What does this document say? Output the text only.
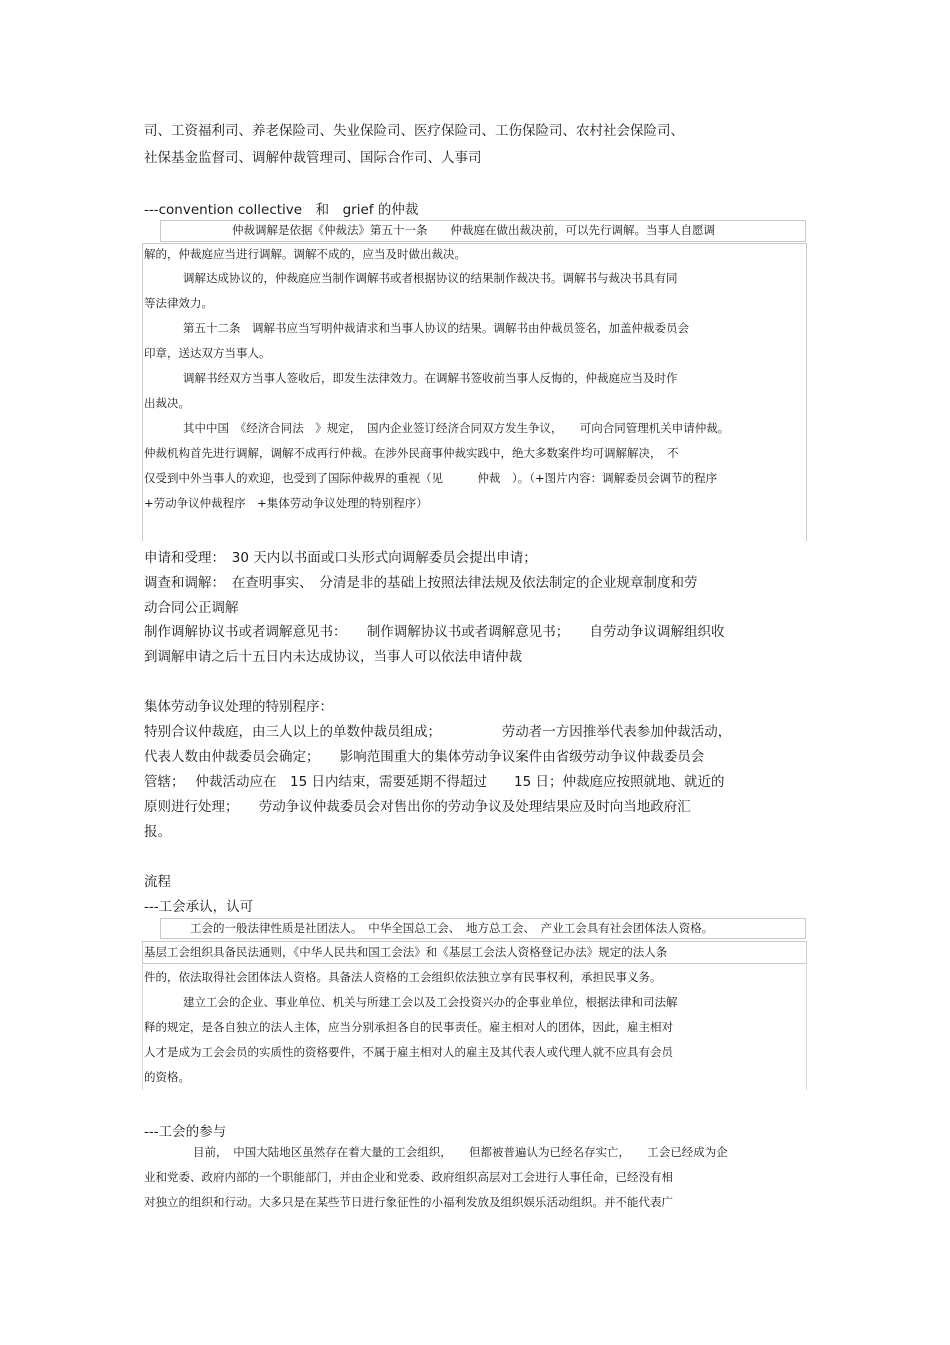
司、工资福利司、养老保险司、失业保险司、医疗保险司、工伤保险司、农村社会保险司、
社保基金监督司、调解仲裁管理司、国际合作司、人事司
---convention collective　和　grief 的仲裁
仲裁调解是依据《仲裁法》第五十一条　　仲裁庭在做出裁决前，可以先行调解。当事人自愿调
解的，仲裁庭应当进行调解。调解不成的，应当及时做出裁决。
调解达成协议的，仲裁庭应当制作调解书或者根据协议的结果制作裁决书。调解书与裁决书具有同
等法律效力。
第五十二条　调解书应当写明仲裁请求和当事人协议的结果。调解书由仲裁员签名，加盖仲裁委员会
印章，送达双方当事人。
调解书经双方当事人签收后，即发生法律效力。在调解书签收前当事人反悔的，仲裁庭应当及时作
出裁决。
其中中国　《经济合同法　》规定，　国内企业签订经济合同双方发生争议，　　可向合同管理机关申请仲裁。
仲裁机构首先进行调解，调解不成再行仲裁。在涉外民商事仲裁实践中，绝大多数案件均可调解解决，　不
仅受到中外当事人的欢迎，也受到了国际仲裁界的重视（见　　　仲裁　）。（+图片内容：调解委员会调节的程序
+劳动争议仲裁程序　+集体劳动争议处理的特别程序）
申请和受理：　30 天内以书面或口头形式向调解委员会提出申请；
调查和调解：　在查明事实、　分清是非的基础上按照法律法规及依法制定的企业规章制度和劳
动合同公正调解
制作调解协议书或者调解意见书：　　制作调解协议书或者调解意见书；　　自劳动争议调解组织收
到调解申请之后十五日内未达成协议，当事人可以依法申请仲裁
集体劳动争议处理的特别程序：
特别合议仲裁庭，由三人以上的单数仲裁员组成；　　　　　劳动者一方因推举代表参加仲裁活动，
代表人数由仲裁委员会确定；　　影响范围重大的集体劳动争议案件由省级劳动争议仲裁委员会
管辖；　 仲裁活动应在　15 日内结束，需要延期不得超过　　15 日；仲裁庭应按照就地、就近的
原则进行处理；　　劳动争议仲裁委员会对售出你的劳动争议及处理结果应及时向当地政府汇
报。
流程
---工会承认，认可
工会的一般法律性质是社团法人。　中华全国总工会、　地方总工会、　产业工会具有社会团体法人资格。
基层工会组织具备民法通则，《中华人民共和国工会法》和《基层工会法人资格登记办法》规定的法人条
件的，依法取得社会团体法人资格。具备法人资格的工会组织依法独立享有民事权利，承担民事义务。
建立工会的企业、事业单位、机关与所建工会以及工会投资兴办的企事业单位，根据法律和司法解
释的规定，是各自独立的法人主体，应当分别承担各自的民事责任。雇主相对人的团体，因此，雇主相对
人才是成为工会会员的实质性的资格要件，不属于雇主相对人的雇主及其代表人或代理人就不应具有会员
的资格。
---工会的参与
目前，　中国大陆地区虽然存在着大量的工会组织，　　但都被普遍认为已经名存实亡，　　工会已经成为企
业和党委、政府内部的一个职能部门，并由企业和党委、政府组织高层对工会进行人事任命，已经没有相
对独立的组织和行动。大多只是在某些节日进行象征性的小福利发放及组织娱乐活动组织。并不能代表广
